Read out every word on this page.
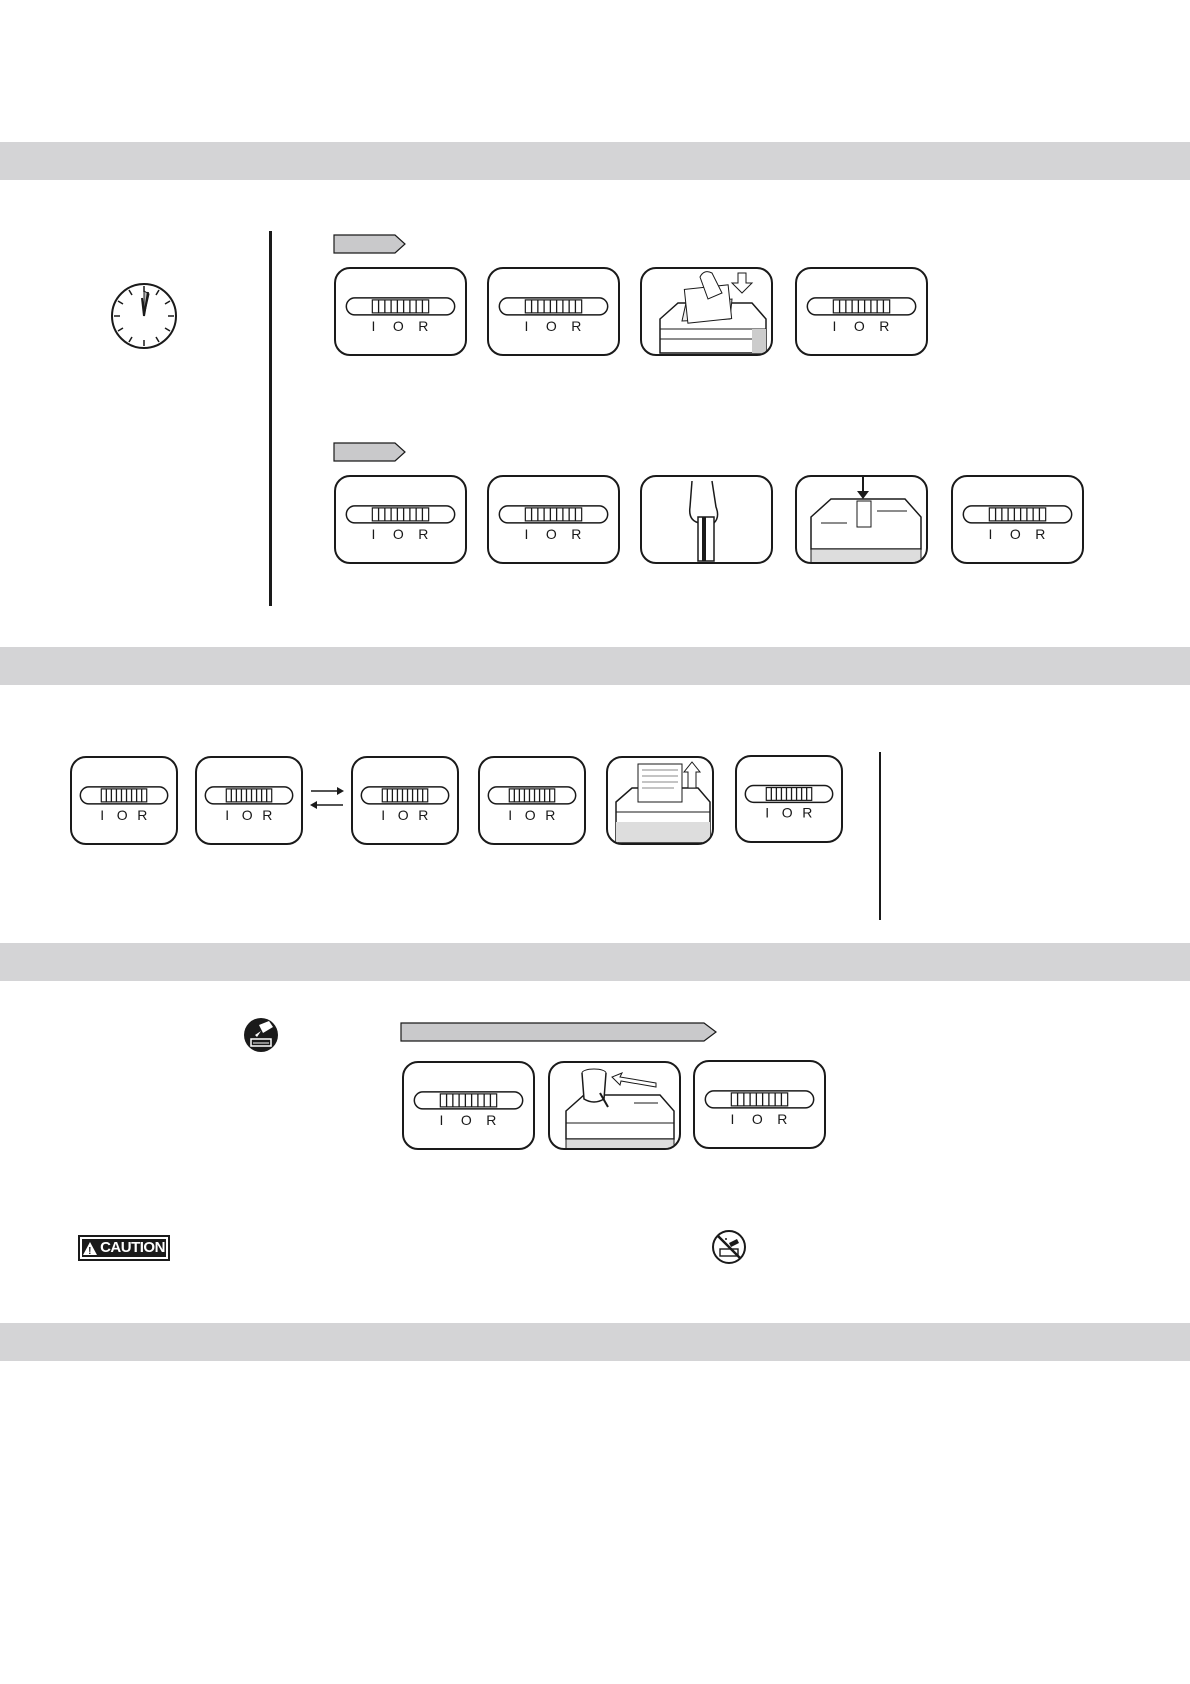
I O R	I O R	I O R
I O R	I O R	I O R
I O R	I O R	I O R	I O R	I O R
I O R	I O R
!
CAUTION
